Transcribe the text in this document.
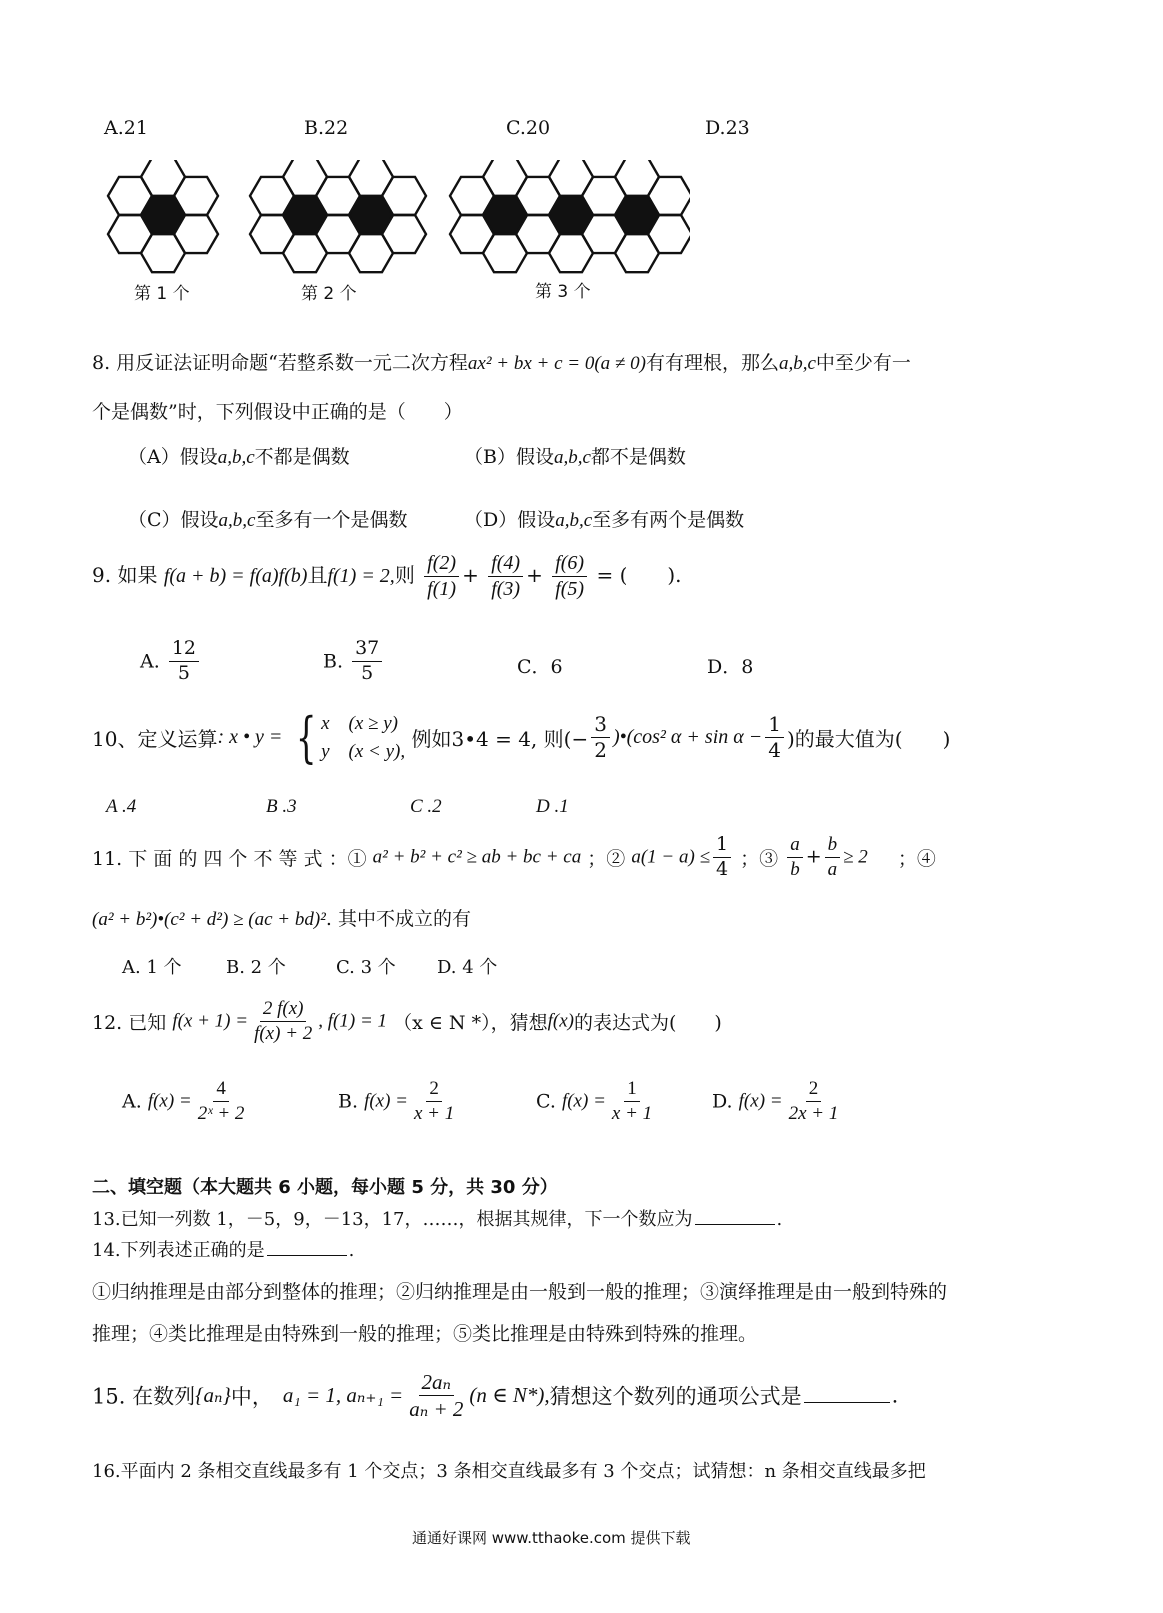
A.21	B.22	C.20	D.23
第 1 个	第 2 个	第 3 个
8. 用反证法证明命题“若整系数一元二次方程ax² + bx + c = 0(a ≠ 0)有有理根，那么a,b,c中至少有一
个是偶数”时，下列假设中正确的是（　　）
（A）假设a,b,c不都是偶数	（B）假设a,b,c都不是偶数
（C）假设a,b,c至多有一个是偶数	（D）假设a,b,c至多有两个是偶数
9. 如果 f(a + b) = f(a)f(b)且f(1) = 2,则 $\frac{f(2)}{f(1)} + \frac{f(4)}{f(3)} + \frac{f(6)}{f(5)}$ = (　　).
A. $\frac{12}{5}$	B. $\frac{37}{5}$	C．6	D．8
10、定义运算: x • y = { x　(x ≥ y)
y　(x < y), 例如3•4 = 4, 则(− $\frac{3}{2}$ )•(cos² $\alpha + \sin \alpha - \frac{1}{4}$ )的最大值为(　　)
A .4	B .3	C .2	D .1
11. 下 面 的 四 个 不 等 式 ：① a² + b² + c² ≥ ab + bc + ca ；② $a(1 - a) \le \frac{1}{4}$ ；③ $\frac{a}{b} + \frac{b}{a} \ge 2$ ；④
(a² + b²)•(c² + d²) ≥ (ac + bd)². 其中不成立的有
A. 1 个 B. 2 个	C. 3 个 D. 4 个
12. 已知 $f(x + 1) = \frac{2 f(x)}{f(x) + 2}$ , f(1) = 1 （x ∈ N *），猜想f(x)的表达式为(　　)
A. $f(x) = \frac{4}{\text{2ˣ + 2}}$	B. $f(x) = \frac{2}{x + 1}$	C. $f(x) = \frac{1}{x + 1}$	D. $f(x) = \frac{2}{2x + 1}$
二、填空题（本大题共 6 小题，每小题 5 分，共 30 分）
13.已知一列数 1，－5，9，－13，17，……，根据其规律，下一个数应为	.
14.下列表述正确的是	.
①归纳推理是由部分到整体的推理；②归纳推理是由一般到一般的推理；③演绎推理是由一般到特殊的
推理；④类比推理是由特殊到一般的推理；⑤类比推理是由特殊到特殊的推理。
15. 在数列{aₙ}中， a₁ = 1, $a_{n+1} = \frac{\text{2aₙ}}{\text{aₙ + 2}} (n$ ∈ N*),猜想这个数列的通项公式是	.
16.平面内 2 条相交直线最多有 1 个交点；3 条相交直线最多有 3 个交点；试猜想：n 条相交直线最多把
通通好课网 www.tthaoke.com 提供下载
